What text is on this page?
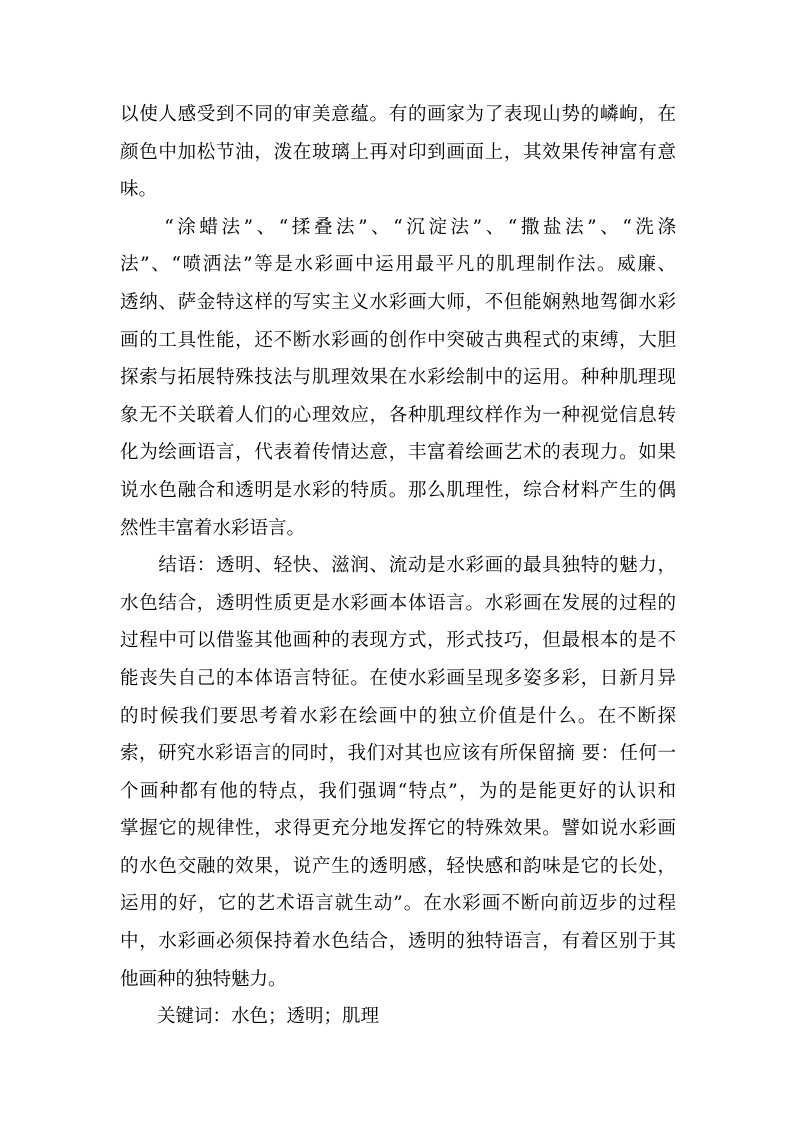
以使人感受到不同的审美意蕴。有的画家为了表现山势的嶙峋，在
颜色中加松节油，泼在玻璃上再对印到画面上，其效果传神富有意
味。
　　“涂蜡法”、“揉叠法”、“沉淀法”、“撒盐法”、“洗涤
法”、“喷洒法”等是水彩画中运用最平凡的肌理制作法。威廉、
透纳、萨金特这样的写实主义水彩画大师，不但能娴熟地驾御水彩
画的工具性能，还不断水彩画的创作中突破古典程式的束缚，大胆
探索与拓展特殊技法与肌理效果在水彩绘制中的运用。种种肌理现
象无不关联着人们的心理效应，各种肌理纹样作为一种视觉信息转
化为绘画语言，代表着传情达意，丰富着绘画艺术的表现力。如果
说水色融合和透明是水彩的特质。那么肌理性，综合材料产生的偶
然性丰富着水彩语言。
　　结语：透明、轻快、滋润、流动是水彩画的最具独特的魅力，
水色结合，透明性质更是水彩画本体语言。水彩画在发展的过程的
过程中可以借鉴其他画种的表现方式，形式技巧，但最根本的是不
能丧失自己的本体语言特征。在使水彩画呈现多姿多彩，日新月异
的时候我们要思考着水彩在绘画中的独立价值是什么。在不断探
索，研究水彩语言的同时，我们对其也应该有所保留摘 要：任何一
个画种都有他的特点，我们强调“特点”，为的是能更好的认识和
掌握它的规律性，求得更充分地发挥它的特殊效果。譬如说水彩画
的水色交融的效果，说产生的透明感，轻快感和韵味是它的长处，
运用的好，它的艺术语言就生动”。在水彩画不断向前迈步的过程
中，水彩画必须保持着水色结合，透明的独特语言，有着区别于其
他画种的独特魅力。
　　关键词：水色；透明；肌理
